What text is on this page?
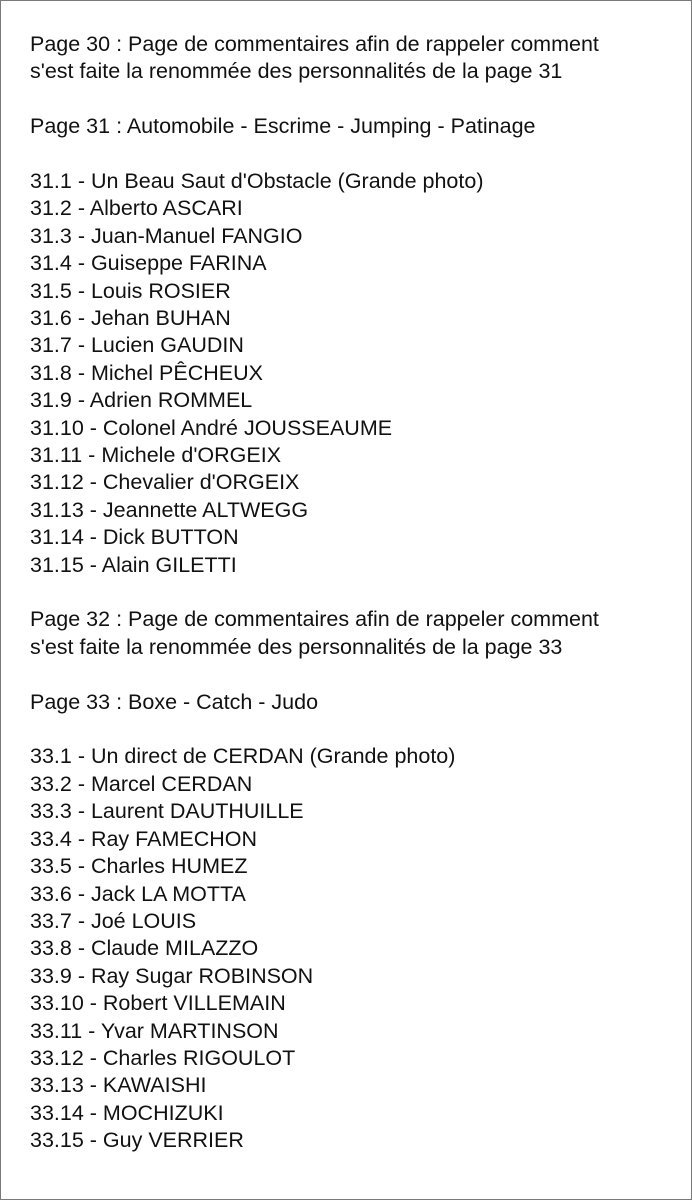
Page 30 : Page de commentaires afin de rappeler comment
s'est faite la renommée des personnalités de la page 31

Page 31 : Automobile - Escrime - Jumping - Patinage

31.1 - Un Beau Saut d'Obstacle (Grande photo)
31.2 - Alberto ASCARI
31.3 - Juan-Manuel FANGIO
31.4 - Guiseppe FARINA
31.5 - Louis ROSIER
31.6 - Jehan BUHAN
31.7 - Lucien GAUDIN
31.8 - Michel PÊCHEUX
31.9 - Adrien ROMMEL
31.10 - Colonel André JOUSSEAUME
31.11 - Michele d'ORGEIX
31.12 - Chevalier d'ORGEIX
31.13 - Jeannette ALTWEGG
31.14 - Dick BUTTON
31.15 - Alain GILETTI

Page 32 : Page de commentaires afin de rappeler comment
s'est faite la renommée des personnalités de la page 33

Page 33 : Boxe - Catch - Judo

33.1 - Un direct de CERDAN (Grande photo)
33.2 - Marcel CERDAN
33.3 - Laurent DAUTHUILLE
33.4 - Ray FAMECHON
33.5 - Charles HUMEZ
33.6 - Jack LA MOTTA
33.7 - Joé LOUIS
33.8 - Claude MILAZZO
33.9 - Ray Sugar ROBINSON
33.10 - Robert VILLEMAIN
33.11 - Yvar MARTINSON
33.12 - Charles RIGOULOT
33.13 - KAWAISHI
33.14 - MOCHIZUKI
33.15 - Guy VERRIER
